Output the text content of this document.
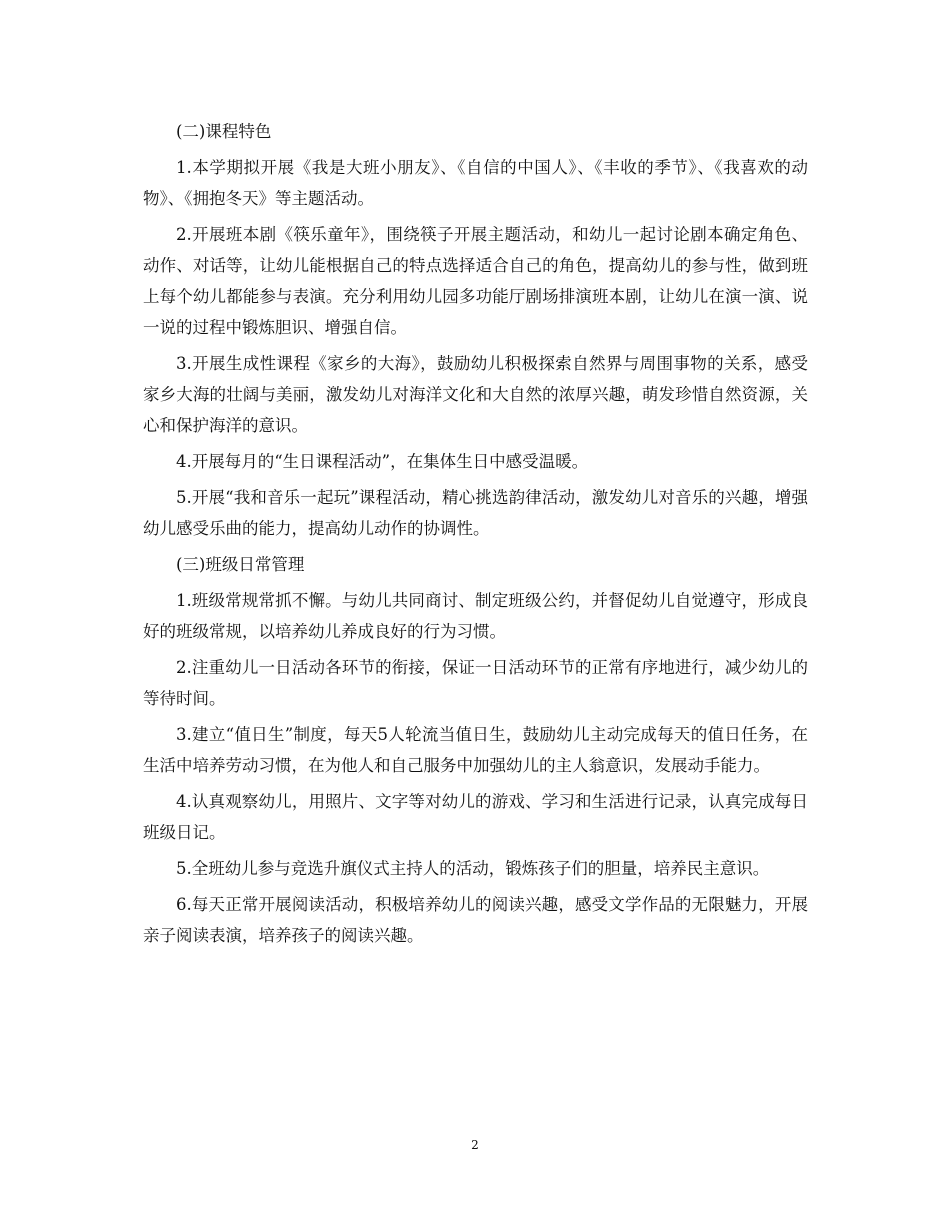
(二)课程特色

1.本学期拟开展《我是大班小朋友》、《自信的中国人》、《丰收的季节》、《我喜欢的动物》、《拥抱冬天》等主题活动。

2.开展班本剧《筷乐童年》，围绕筷子开展主题活动，和幼儿一起讨论剧本确定角色、动作、对话等，让幼儿能根据自己的特点选择适合自己的角色，提高幼儿的参与性，做到班上每个幼儿都能参与表演。充分利用幼儿园多功能厅剧场排演班本剧，让幼儿在演一演、说一说的过程中锻炼胆识、增强自信。

3.开展生成性课程《家乡的大海》，鼓励幼儿积极探索自然界与周围事物的关系，感受家乡大海的壮阔与美丽，激发幼儿对海洋文化和大自然的浓厚兴趣，萌发珍惜自然资源，关心和保护海洋的意识。

4.开展每月的“生日课程活动”，在集体生日中感受温暖。

5.开展“我和音乐一起玩”课程活动，精心挑选韵律活动，激发幼儿对音乐的兴趣，增强幼儿感受乐曲的能力，提高幼儿动作的协调性。

(三)班级日常管理

1.班级常规常抓不懈。与幼儿共同商讨、制定班级公约，并督促幼儿自觉遵守，形成良好的班级常规，以培养幼儿养成良好的行为习惯。

2.注重幼儿一日活动各环节的衔接，保证一日活动环节的正常有序地进行，减少幼儿的等待时间。

3.建立“值日生”制度，每天5人轮流当值日生，鼓励幼儿主动完成每天的值日任务，在生活中培养劳动习惯，在为他人和自己服务中加强幼儿的主人翁意识，发展动手能力。

4.认真观察幼儿，用照片、文字等对幼儿的游戏、学习和生活进行记录，认真完成每日班级日记。

5.全班幼儿参与竞选升旗仪式主持人的活动，锻炼孩子们的胆量，培养民主意识。

6.每天正常开展阅读活动，积极培养幼儿的阅读兴趣，感受文学作品的无限魅力，开展亲子阅读表演，培养孩子的阅读兴趣。

2
